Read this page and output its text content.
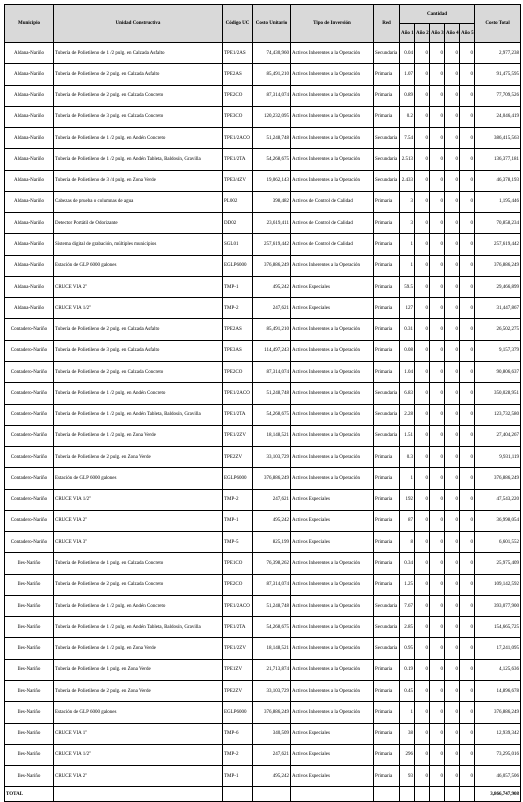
Municipio	Unidad Constructiva	Código UC	Costo Unitario	Tipo de Inversión	Red	Cantidad					Costo Total
						Año 1	Año 2	Año 3	Año 4	Año 5	
Aldana-Nariño	Tubería de Polietileno de 1 /2 pulg. en Calzada Asfalto	TPE1/2AS	74,430,960	Activos Inherentes a la Operación	Secundaria	0.04	0	0	0	0	2,977,238
Aldana-Nariño	Tubería de Polietileno de 2 pulg. en Calzada Asfalto	TPE2AS	85,491,210	Activos Inherentes a la Operación	Primaria	1.07	0	0	0	0	91,475,595
Aldana-Nariño	Tubería de Polietileno de 2 pulg. en Calzada Concreto	TPE2CO	87,314,074	Activos Inherentes a la Operación	Primaria	0.89	0	0	0	0	77,709,526
Aldana-Nariño	Tubería de Polietileno de 3 pulg. en Calzada Concreto	TPE3CO	120,232,095	Activos Inherentes a la Operación	Primaria	0.2	0	0	0	0	24,046,419
Aldana-Nariño	Tubería de Polietileno de 1 /2 pulg. en Andén Concreto	TPE1/2ACO	51,248,748	Activos Inherentes a la Operación	Secundaria	7.54	0	0	0	0	386,415,563
Aldana-Nariño	Tubería de Polietileno de 1 /2 pulg. en Andén Tableta, Baldosín, Gravilla	TPE1/2TA	54,268,675	Activos Inherentes a la Operación	Secundaria	2.513	0	0	0	0	136,377,181
Aldana-Nariño	Tubería de Polietileno de 3 /4 pulg. en Zona Verde	TPE3/4ZV	19,062,143	Activos Inherentes a la Operación	Secundaria	2.433	0	0	0	0	46,378,193
Aldana-Nariño	Cabezas de prueba o columnas de agua	PL002	398,482	Activos de Control de Calidad	Primaria	3	0	0	0	0	1,195,446
Aldana-Nariño	Detector Portátil de Odorizante	DD02	23,619,411	Activos de Control de Calidad	Primaria	3	0	0	0	0	70,858,234
Aldana-Nariño	Sistema digital de grabación, múltiples municipios	SGL01	257,619,442	Activos de Control de Calidad	Primaria	1	0	0	0	0	257,619,442
Aldana-Nariño	Estación de GLP 6000 galones	EGLP6000	376,886,249	Activos Inherentes a la Operación	Primaria	1	0	0	0	0	376,886,249
Aldana-Nariño	CRUCE VIA 2"	TMP-1	495,242	Activos Especiales	Primaria	59.5	0	0	0	0	29,466,899
Aldana-Nariño	CRUCE VIA 1/2"	TMP-2	247,621	Activos Especiales	Primaria	127	0	0	0	0	31,447,867
Contadero-Nariño	Tubería de Polietileno de 2 pulg. en Calzada Asfalto	TPE2AS	85,491,210	Activos Inherentes a la Operación	Primaria	0.31	0	0	0	0	26,502,275
Contadero-Nariño	Tubería de Polietileno de 3 pulg. en Calzada Asfalto	TPE3AS	114,497,243	Activos Inherentes a la Operación	Primaria	0.08	0	0	0	0	9,157,379
Contadero-Nariño	Tubería de Polietileno de 2 pulg. en Calzada Concreto	TPE2CO	87,314,074	Activos Inherentes a la Operación	Primaria	1.04	0	0	0	0	90,806,637
Contadero-Nariño	Tubería de Polietileno de 1 /2 pulg. en Andén Concreto	TPE1/2ACO	51,248,748	Activos Inherentes a la Operación	Secundaria	6.83	0	0	0	0	350,028,951
Contadero-Nariño	Tubería de Polietileno de 1 /2 pulg. en Andén Tableta, Baldosín, Gravilla	TPE1/2TA	54,268,675	Activos Inherentes a la Operación	Secundaria	2.28	0	0	0	0	123,732,580
Contadero-Nariño	Tubería de Polietileno de 1 /2 pulg. en Zona Verde	TPE1/2ZV	18,148,521	Activos Inherentes a la Operación	Secundaria	1.51	0	0	0	0	27,404,267
Contadero-Nariño	Tubería de Polietileno de 2 pulg. en Zona Verde	TPE2ZV	33,103,729	Activos Inherentes a la Operación	Primaria	0.3	0	0	0	0	9,931,119
Contadero-Nariño	Estación de GLP 6000 galones	EGLP6000	376,886,249	Activos Inherentes a la Operación	Primaria	1	0	0	0	0	376,886,249
Contadero-Nariño	CRUCE VIA 1/2"	TMP-2	247,621	Activos Especiales	Primaria	192	0	0	0	0	47,543,220
Contadero-Nariño	CRUCE VIA 2"	TMP-1	495,242	Activos Especiales	Primaria	87	0	0	0	0	36,998,054
Contadero-Nariño	CRUCE VIA 3"	TMP-5	825,199	Activos Especiales	Primaria	8	0	0	0	0	6,601,552
Iles-Nariño	Tubería de Polietileno de 1 pulg. en Calzada Concreto	TPE1CO	76,398,262	Activos Inherentes a la Operación	Primaria	0.34	0	0	0	0	25,975,409
Iles-Nariño	Tubería de Polietileno de 2 pulg. en Calzada Concreto	TPE2CO	87,314,074	Activos Inherentes a la Operación	Primaria	1.25	0	0	0	0	109,142,592
Iles-Nariño	Tubería de Polietileno de 1 /2 pulg. en Andén Concreto	TPE1/2ACO	51,248,748	Activos Inherentes a la Operación	Secundaria	7.67	0	0	0	0	393,077,900
Iles-Nariño	Tubería de Polietileno de 1 /2 pulg. en Andén Tableta, Baldosín, Gravilla	TPE1/2TA	54,268,675	Activos Inherentes a la Operación	Secundaria	2.85	0	0	0	0	154,665,725
Iles-Nariño	Tubería de Polietileno de 1 /2 pulg. en Zona Verde	TPE1/2ZV	18,148,521	Activos Inherentes a la Operación	Secundaria	0.95	0	0	0	0	17,241,095
Iles-Nariño	Tubería de Polietileno de 1 pulg. en Zona Verde	TPE1ZV	21,713,874	Activos Inherentes a la Operación	Primaria	0.19	0	0	0	0	4,125,636
Iles-Nariño	Tubería de Polietileno de 2 pulg. en Zona Verde	TPE2ZV	33,103,729	Activos Inherentes a la Operación	Primaria	0.45	0	0	0	0	14,896,678
Iles-Nariño	Estación de GLP 6000 galones	EGLP6000	376,886,249	Activos Inherentes a la Operación	Primaria	1	0	0	0	0	376,886,249
Iles-Nariño	CRUCE VIA 1"	TMP-6	340,509	Activos Especiales	Primaria	38	0	0	0	0	12,939,342
Iles-Nariño	CRUCE VIA 1/2"	TMP-2	247,621	Activos Especiales	Primaria	296	0	0	0	0	73,295,016
Iles-Nariño	CRUCE VIA 2"	TMP-1	495,242	Activos Especiales	Primaria	93	0	0	0	0	46,057,506
TOTAL											3,866,747,908
